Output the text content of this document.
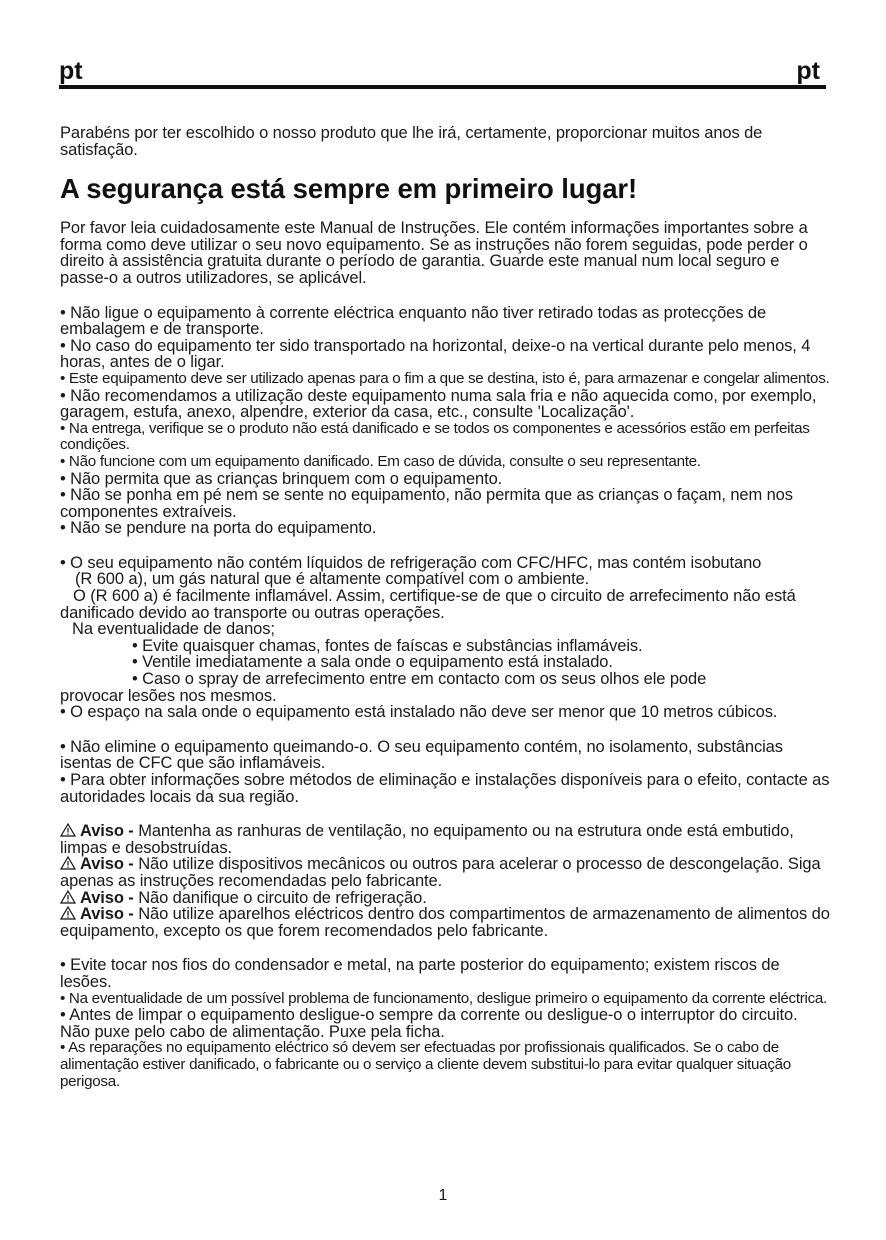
pt	pt

Parabéns por ter escolhido o nosso produto que lhe irá, certamente, proporcionar muitos anos de satisfação.

A segurança está sempre em primeiro lugar!

Por favor leia cuidadosamente este Manual de Instruções. Ele contém informações importantes sobre a forma como deve utilizar o seu novo equipamento. Se as instruções não forem seguidas, pode perder o direito à assistência gratuita durante o período de garantia. Guarde este manual num local seguro e passe-o a outros utilizadores, se aplicável.

• Não ligue o equipamento à corrente eléctrica enquanto não tiver retirado todas as protecções de embalagem e de transporte.

• No caso do equipamento ter sido transportado na horizontal, deixe-o na vertical durante pelo menos, 4 horas, antes de o ligar.

• Este equipamento deve ser utilizado apenas para o fim a que se destina, isto é, para armazenar e congelar alimentos.

• Não recomendamos a utilização deste equipamento numa sala fria e não aquecida como, por exemplo, garagem, estufa, anexo, alpendre, exterior da casa, etc., consulte 'Localização'.

• Na entrega, verifique se o produto não está danificado e se todos os componentes e acessórios estão em perfeitas condições.

• Não funcione com um equipamento danificado. Em caso de dúvida, consulte o seu representante.

• Não permita que as crianças brinquem com o equipamento.

• Não se ponha em pé nem se sente no equipamento, não permita que as crianças o façam, nem nos componentes extraíveis.

• Não se pendure na porta do equipamento.

• O seu equipamento não contém líquidos de refrigeração com CFC/HFC, mas contém isobutano

(R 600 a), um gás natural que é altamente compatível com o ambiente.

O (R 600 a) é facilmente inflamável. Assim, certifique-se de que o circuito de arrefecimento não está danificado devido ao transporte ou outras operações.

Na eventualidade de danos;

• Evite quaisquer chamas, fontes de faíscas e substâncias inflamáveis.

• Ventile imediatamente a sala onde o equipamento está instalado.

• Caso o spray de arrefecimento entre em contacto com os seus olhos ele pode

provocar lesões nos mesmos.

• O espaço na sala onde o equipamento está instalado não deve ser menor que 10 metros cúbicos.

• Não elimine o equipamento queimando-o. O seu equipamento contém, no isolamento, substâncias isentas de CFC que são inflamáveis.

• Para obter informações sobre métodos de eliminação e instalações disponíveis para o efeito, contacte as autoridades locais da sua região.

Aviso - Mantenha as ranhuras de ventilação, no equipamento ou na estrutura onde está embutido, limpas e desobstruídas.

Aviso - Não utilize dispositivos mecânicos ou outros para acelerar o processo de descongelação. Siga apenas as instruções recomendadas pelo fabricante.

Aviso - Não danifique o circuito de refrigeração.

Aviso - Não utilize aparelhos eléctricos dentro dos compartimentos de armazenamento de alimentos do equipamento, excepto os que forem recomendados pelo fabricante.

• Evite tocar nos fios do condensador e metal, na parte posterior do equipamento; existem riscos de lesões.

• Na eventualidade de um possível problema de funcionamento, desligue primeiro o equipamento da corrente eléctrica.

• Antes de limpar o equipamento desligue-o sempre da corrente ou desligue-o o interruptor do circuito. Não puxe pelo cabo de alimentação. Puxe pela ficha.

• As reparações no equipamento eléctrico só devem ser efectuadas por profissionais qualificados. Se o cabo de alimentação estiver danificado, o fabricante ou o serviço a cliente devem substitui-lo para evitar qualquer situação perigosa.

1
